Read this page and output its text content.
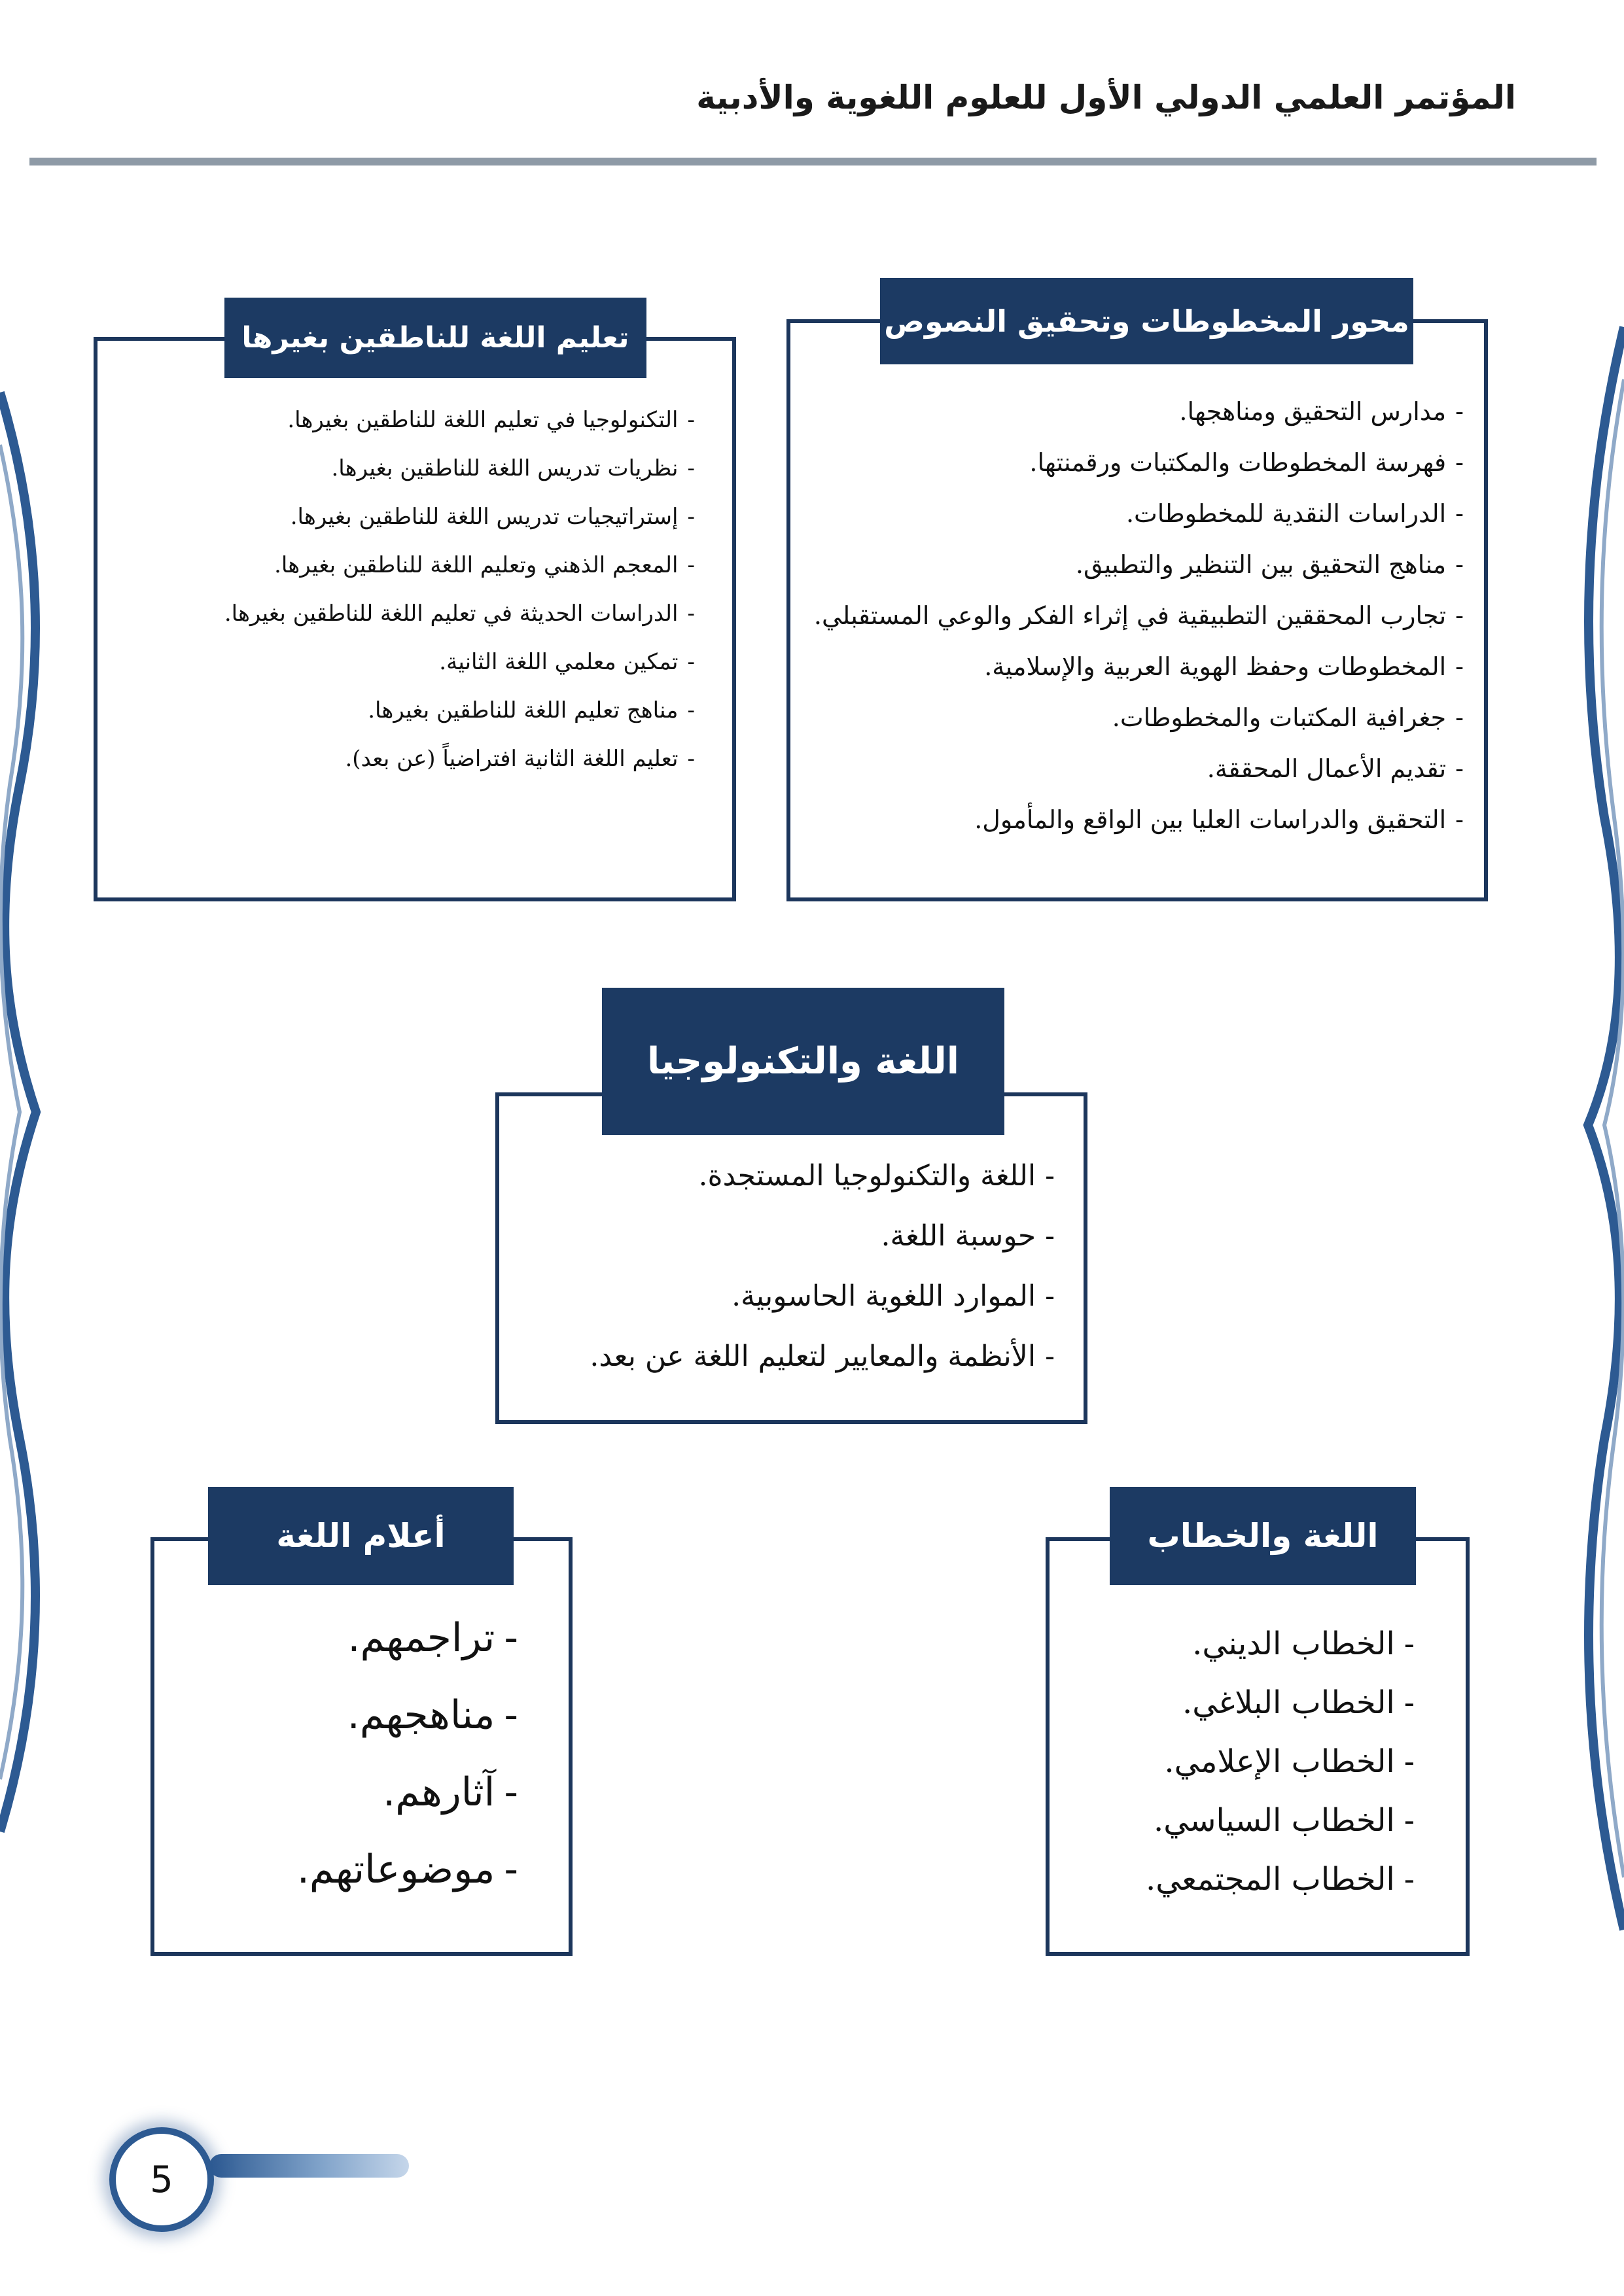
المؤتمر العلمي الدولي الأول للعلوم اللغوية والأدبية
محور المخطوطات وتحقيق النصوص
-مدارس التحقيق ومناهجها.
-فهرسة المخطوطات والمكتبات ورقمنتها.
-الدراسات النقدية للمخطوطات.
-مناهج التحقيق بين التنظير والتطبيق.
-تجارب المحققين التطبيقية في إثراء الفكر والوعي المستقبلي.
-المخطوطات وحفظ الهوية العربية والإسلامية.
-جغرافية المكتبات والمخطوطات.
-تقديم الأعمال المحققة.
-التحقيق والدراسات العليا بين الواقع والمأمول.
تعليم اللغة للناطقين بغيرها
-التكنولوجيا في تعليم اللغة للناطقين بغيرها.
-نظريات تدريس اللغة للناطقين بغيرها.
-إستراتيجيات تدريس اللغة للناطقين بغيرها.
-المعجم الذهني وتعليم اللغة للناطقين بغيرها.
-الدراسات الحديثة في تعليم اللغة للناطقين بغيرها.
-تمكين معلمي اللغة الثانية.
-مناهج تعليم اللغة للناطقين بغيرها.
-تعليم اللغة الثانية افتراضياً (عن بعد).
اللغة والتكنولوجيا
-اللغة والتكنولوجيا المستجدة.
-حوسبة اللغة.
-الموارد اللغوية الحاسوبية.
-الأنظمة والمعايير لتعليم اللغة عن بعد.
اللغة والخطاب
-الخطاب الديني.
-الخطاب البلاغي.
-الخطاب الإعلامي.
-الخطاب السياسي.
-الخطاب المجتمعي.
أعلام اللغة
-تراجمهم.
-مناهجهم.
-آثارهم.
-موضوعاتهم.
5
